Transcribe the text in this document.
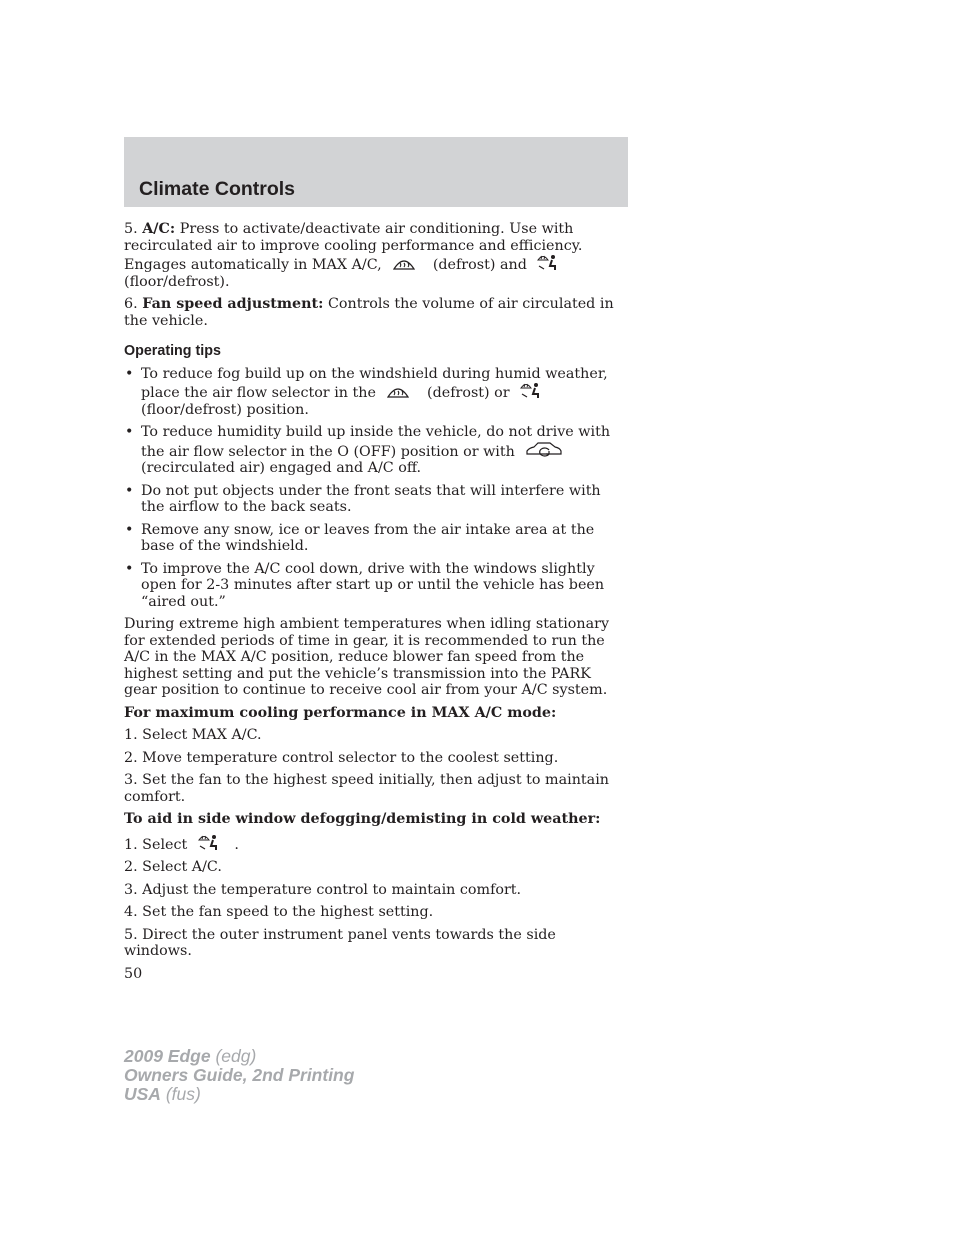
Climate Controls

5. A/C: Press to activate/deactivate air conditioning. Use with recirculated air to improve cooling performance and efficiency. Engages automatically in MAX A/C,	(defrost) and
(floor/defrost).

6. Fan speed adjustment: Controls the volume of air circulated in the vehicle.

Operating tips
• To reduce fog build up on the windshield during humid weather, place the air flow selector in the	(defrost) or
(floor/defrost) position.
• To reduce humidity build up inside the vehicle, do not drive with the air flow selector in the O (OFF) position or with
(recirculated air) engaged and A/C off.
• Do not put objects under the front seats that will interfere with the airflow to the back seats.
• Remove any snow, ice or leaves from the air intake area at the base of the windshield.
• To improve the A/C cool down, drive with the windows slightly open for 2-3 minutes after start up or until the vehicle has been “aired out.”

During extreme high ambient temperatures when idling stationary for extended periods of time in gear, it is recommended to run the A/C in the MAX A/C position, reduce blower fan speed from the highest setting and put the vehicle’s transmission into the PARK gear position to continue to receive cool air from your A/C system.

For maximum cooling performance in MAX A/C mode:

1. Select MAX A/C.

2. Move temperature control selector to the coolest setting.

3. Set the fan to the highest speed initially, then adjust to maintain comfort.

To aid in side window defogging/demisting in cold weather:

1. Select	.

2. Select A/C.

3. Adjust the temperature control to maintain comfort.

4. Set the fan speed to the highest setting.

5. Direct the outer instrument panel vents towards the side windows.

50

2009 Edge (edg)
Owners Guide, 2nd Printing
USA (fus)
